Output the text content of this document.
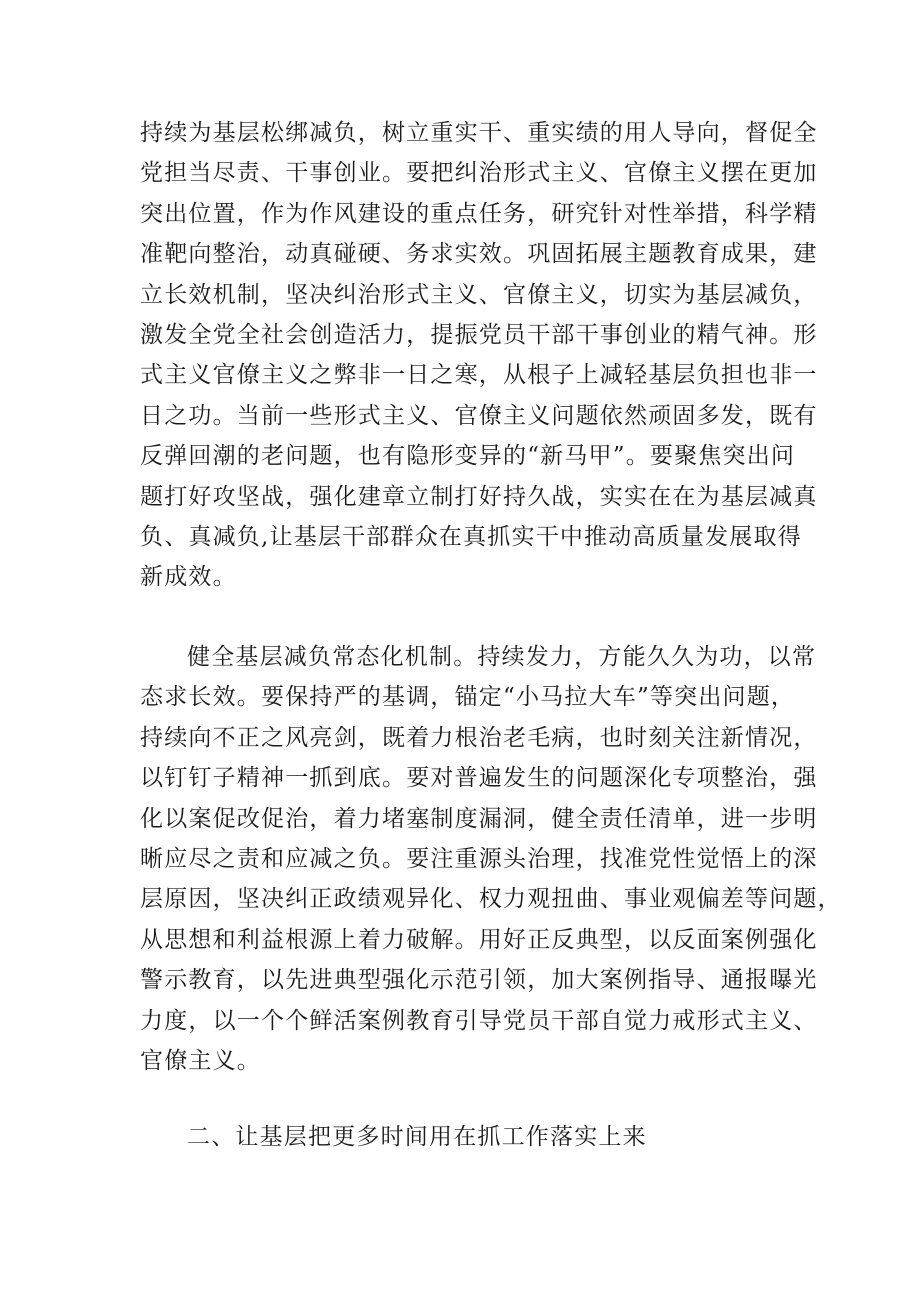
持续为基层松绑减负，树立重实干、重实绩的用人导向，督促全
党担当尽责、干事创业。要把纠治形式主义、官僚主义摆在更加
突出位置，作为作风建设的重点任务，研究针对性举措，科学精
准靶向整治，动真碰硬、务求实效。巩固拓展主题教育成果，建
立长效机制，坚决纠治形式主义、官僚主义，切实为基层减负，
激发全党全社会创造活力，提振党员干部干事创业的精气神。形
式主义官僚主义之弊非一日之寒，从根子上减轻基层负担也非一
日之功。当前一些形式主义、官僚主义问题依然顽固多发，既有
反弹回潮的老问题，也有隐形变异的“新马甲”。要聚焦突出问
题打好攻坚战，强化建章立制打好持久战，实实在在为基层减真
负、真减负,让基层干部群众在真抓实干中推动高质量发展取得
新成效。
健全基层减负常态化机制。持续发力，方能久久为功，以常
态求长效。要保持严的基调，锚定“小马拉大车”等突出问题，
持续向不正之风亮剑，既着力根治老毛病，也时刻关注新情况，
以钉钉子精神一抓到底。要对普遍发生的问题深化专项整治，强
化以案促改促治，着力堵塞制度漏洞，健全责任清单，进一步明
晰应尽之责和应减之负。要注重源头治理，找准党性觉悟上的深
层原因，坚决纠正政绩观异化、权力观扭曲、事业观偏差等问题，
从思想和利益根源上着力破解。用好正反典型，以反面案例强化
警示教育，以先进典型强化示范引领，加大案例指导、通报曝光
力度，以一个个鲜活案例教育引导党员干部自觉力戒形式主义、
官僚主义。
二、让基层把更多时间用在抓工作落实上来
